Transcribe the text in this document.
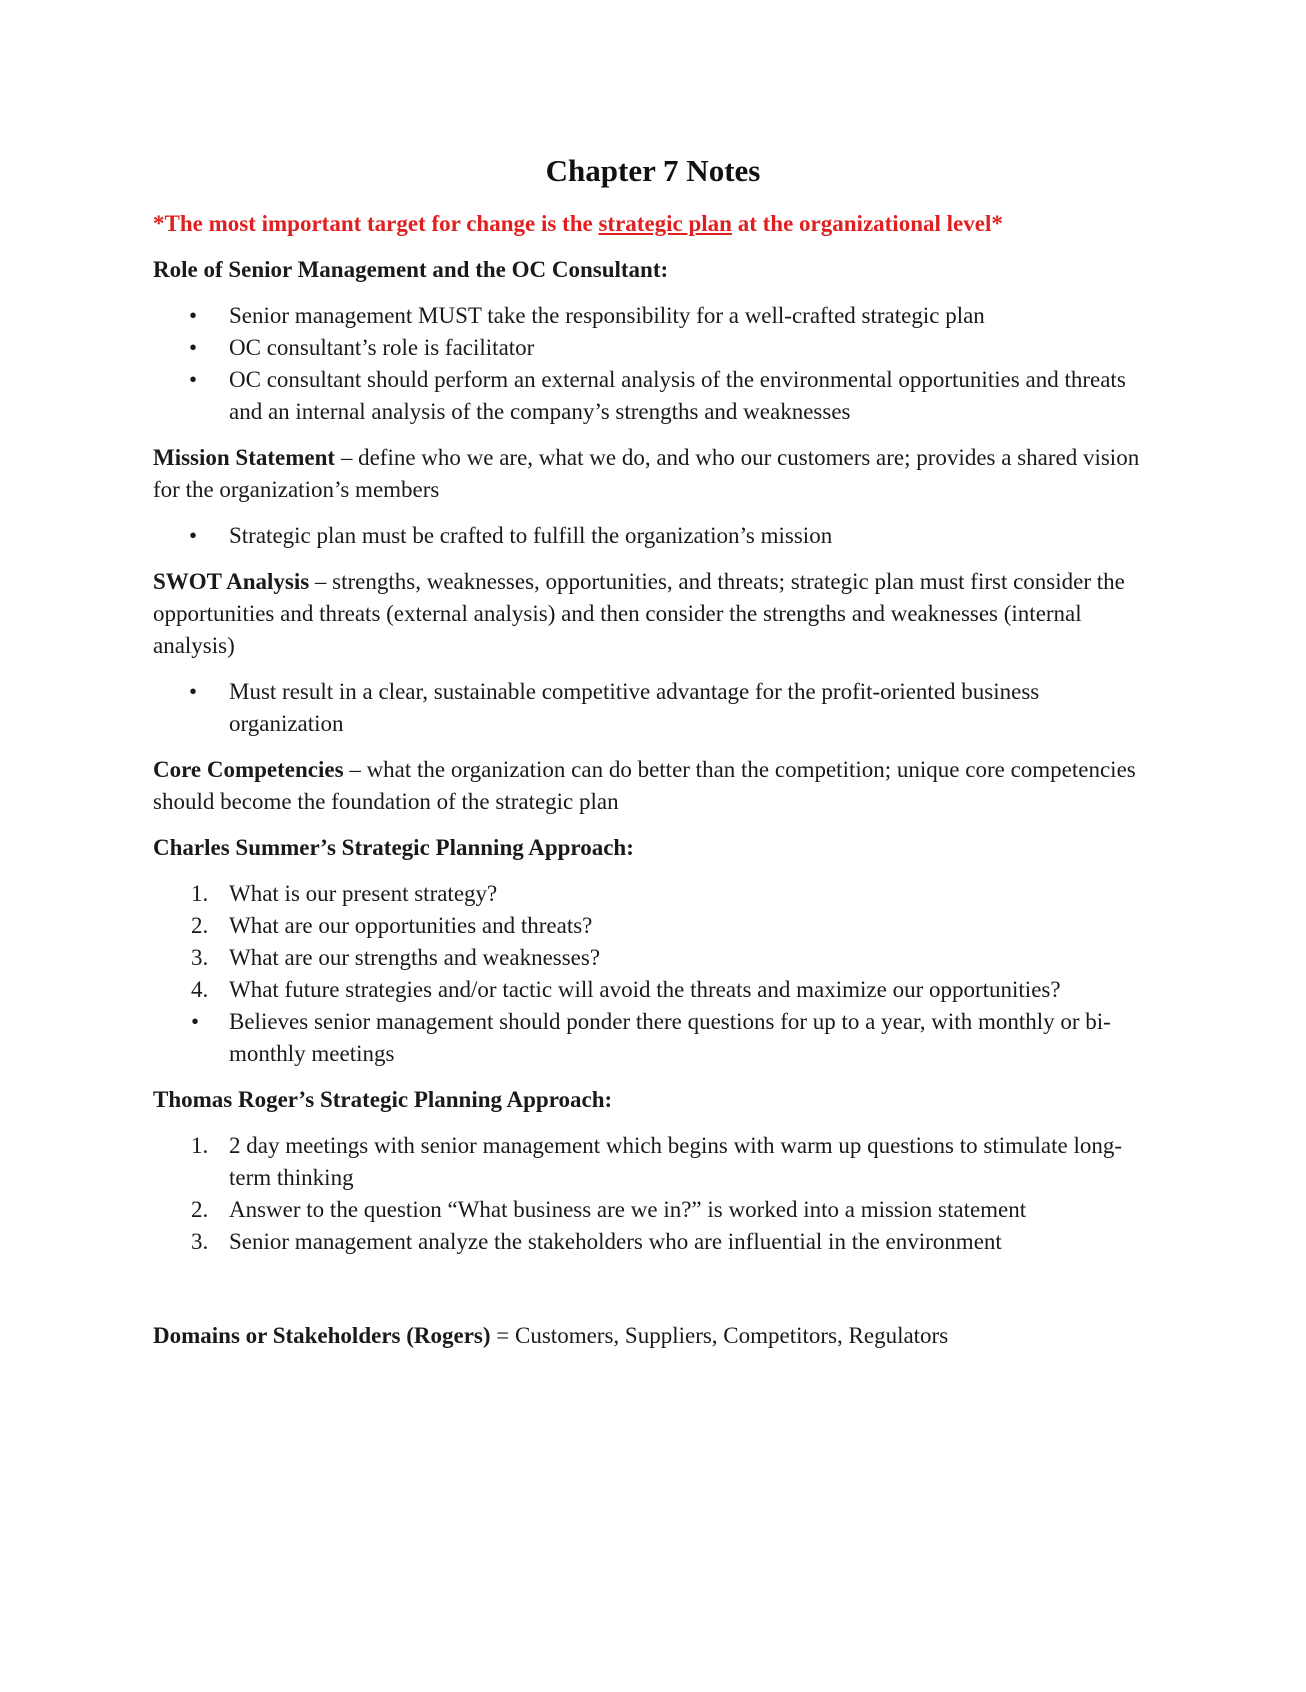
Chapter 7 Notes
*The most important target for change is the strategic plan at the organizational level*
Role of Senior Management and the OC Consultant:
•	Senior management MUST take the responsibility for a well-crafted strategic plan
•	OC consultant’s role is facilitator
•	OC consultant should perform an external analysis of the environmental opportunities and threats and an internal analysis of the company’s strengths and weaknesses

Mission Statement – define who we are, what we do, and who our customers are; provides a shared vision for the organization’s members

•	Strategic plan must be crafted to fulfill the organization’s mission

SWOT Analysis – strengths, weaknesses, opportunities, and threats; strategic plan must first consider the opportunities and threats (external analysis) and then consider the strengths and weaknesses (internal analysis)

•	Must result in a clear, sustainable competitive advantage for the profit-oriented business organization

Core Competencies – what the organization can do better than the competition; unique core competencies should become the foundation of the strategic plan

Charles Summer’s Strategic Planning Approach:
1. What is our present strategy?
2. What are our opportunities and threats?
3. What are our strengths and weaknesses?
4. What future strategies and/or tactic will avoid the threats and maximize our opportunities?
•	Believes senior management should ponder there questions for up to a year, with monthly or bi-monthly meetings
Thomas Roger’s Strategic Planning Approach:
1. 2 day meetings with senior management which begins with warm up questions to stimulate long-term thinking
2. Answer to the question “What business are we in?” is worked into a mission statement
3. Senior management analyze the stakeholders who are influential in the environment

Domains or Stakeholders (Rogers) = Customers, Suppliers, Competitors, Regulators
